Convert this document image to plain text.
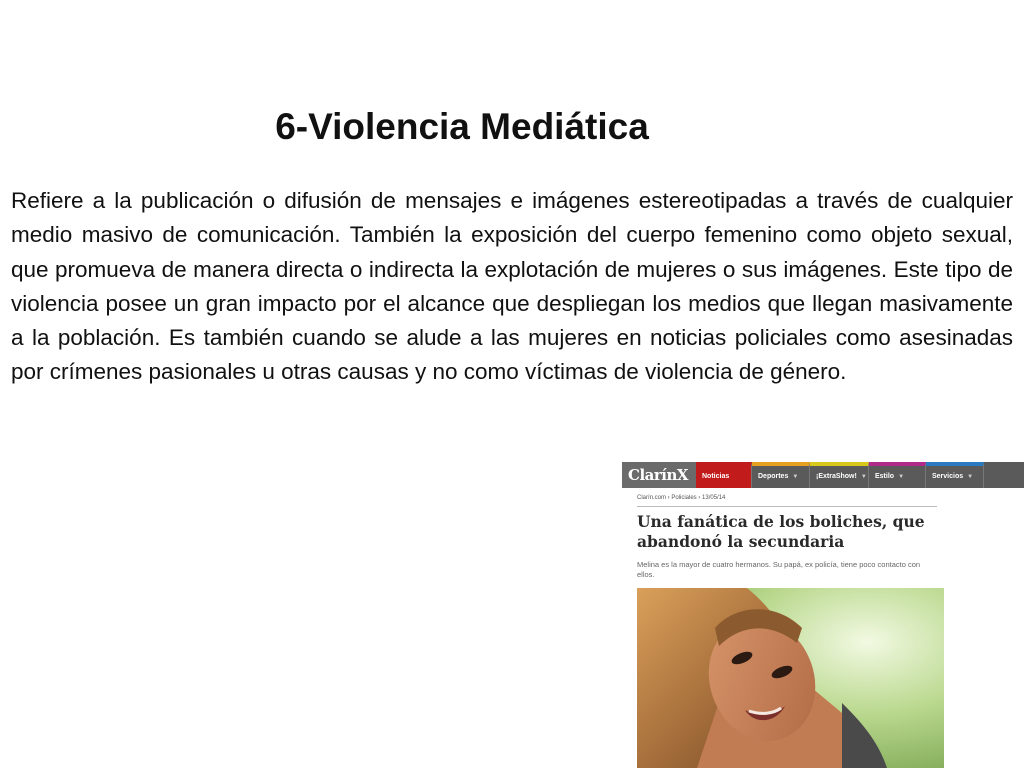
6-Violencia Mediática
Refiere a la publicación o difusión de mensajes e imágenes estereotipadas a través de cualquier medio masivo de comunicación. También la exposición del cuerpo femenino como objeto sexual, que promueva de manera directa o indirecta la explotación de mujeres o sus imágenes. Este tipo de violencia posee un gran impacto por el alcance que despliegan los medios que llegan masivamente a la población. Es también cuando se alude a las mujeres en noticias policiales como asesinadas por crímenes pasionales u otras causas y no como víctimas de violencia de género.
ClarínX	Noticias	Deportes ▼	¡ExtraShow! ▼	Estilo ▼	Servicios ▼
Clarín.com › Policiales › 13/05/14
Una fanática de los boliches, que abandonó la secundaria
Melina es la mayor de cuatro hermanos. Su papá, ex policía, tiene poco contacto con ellos.
